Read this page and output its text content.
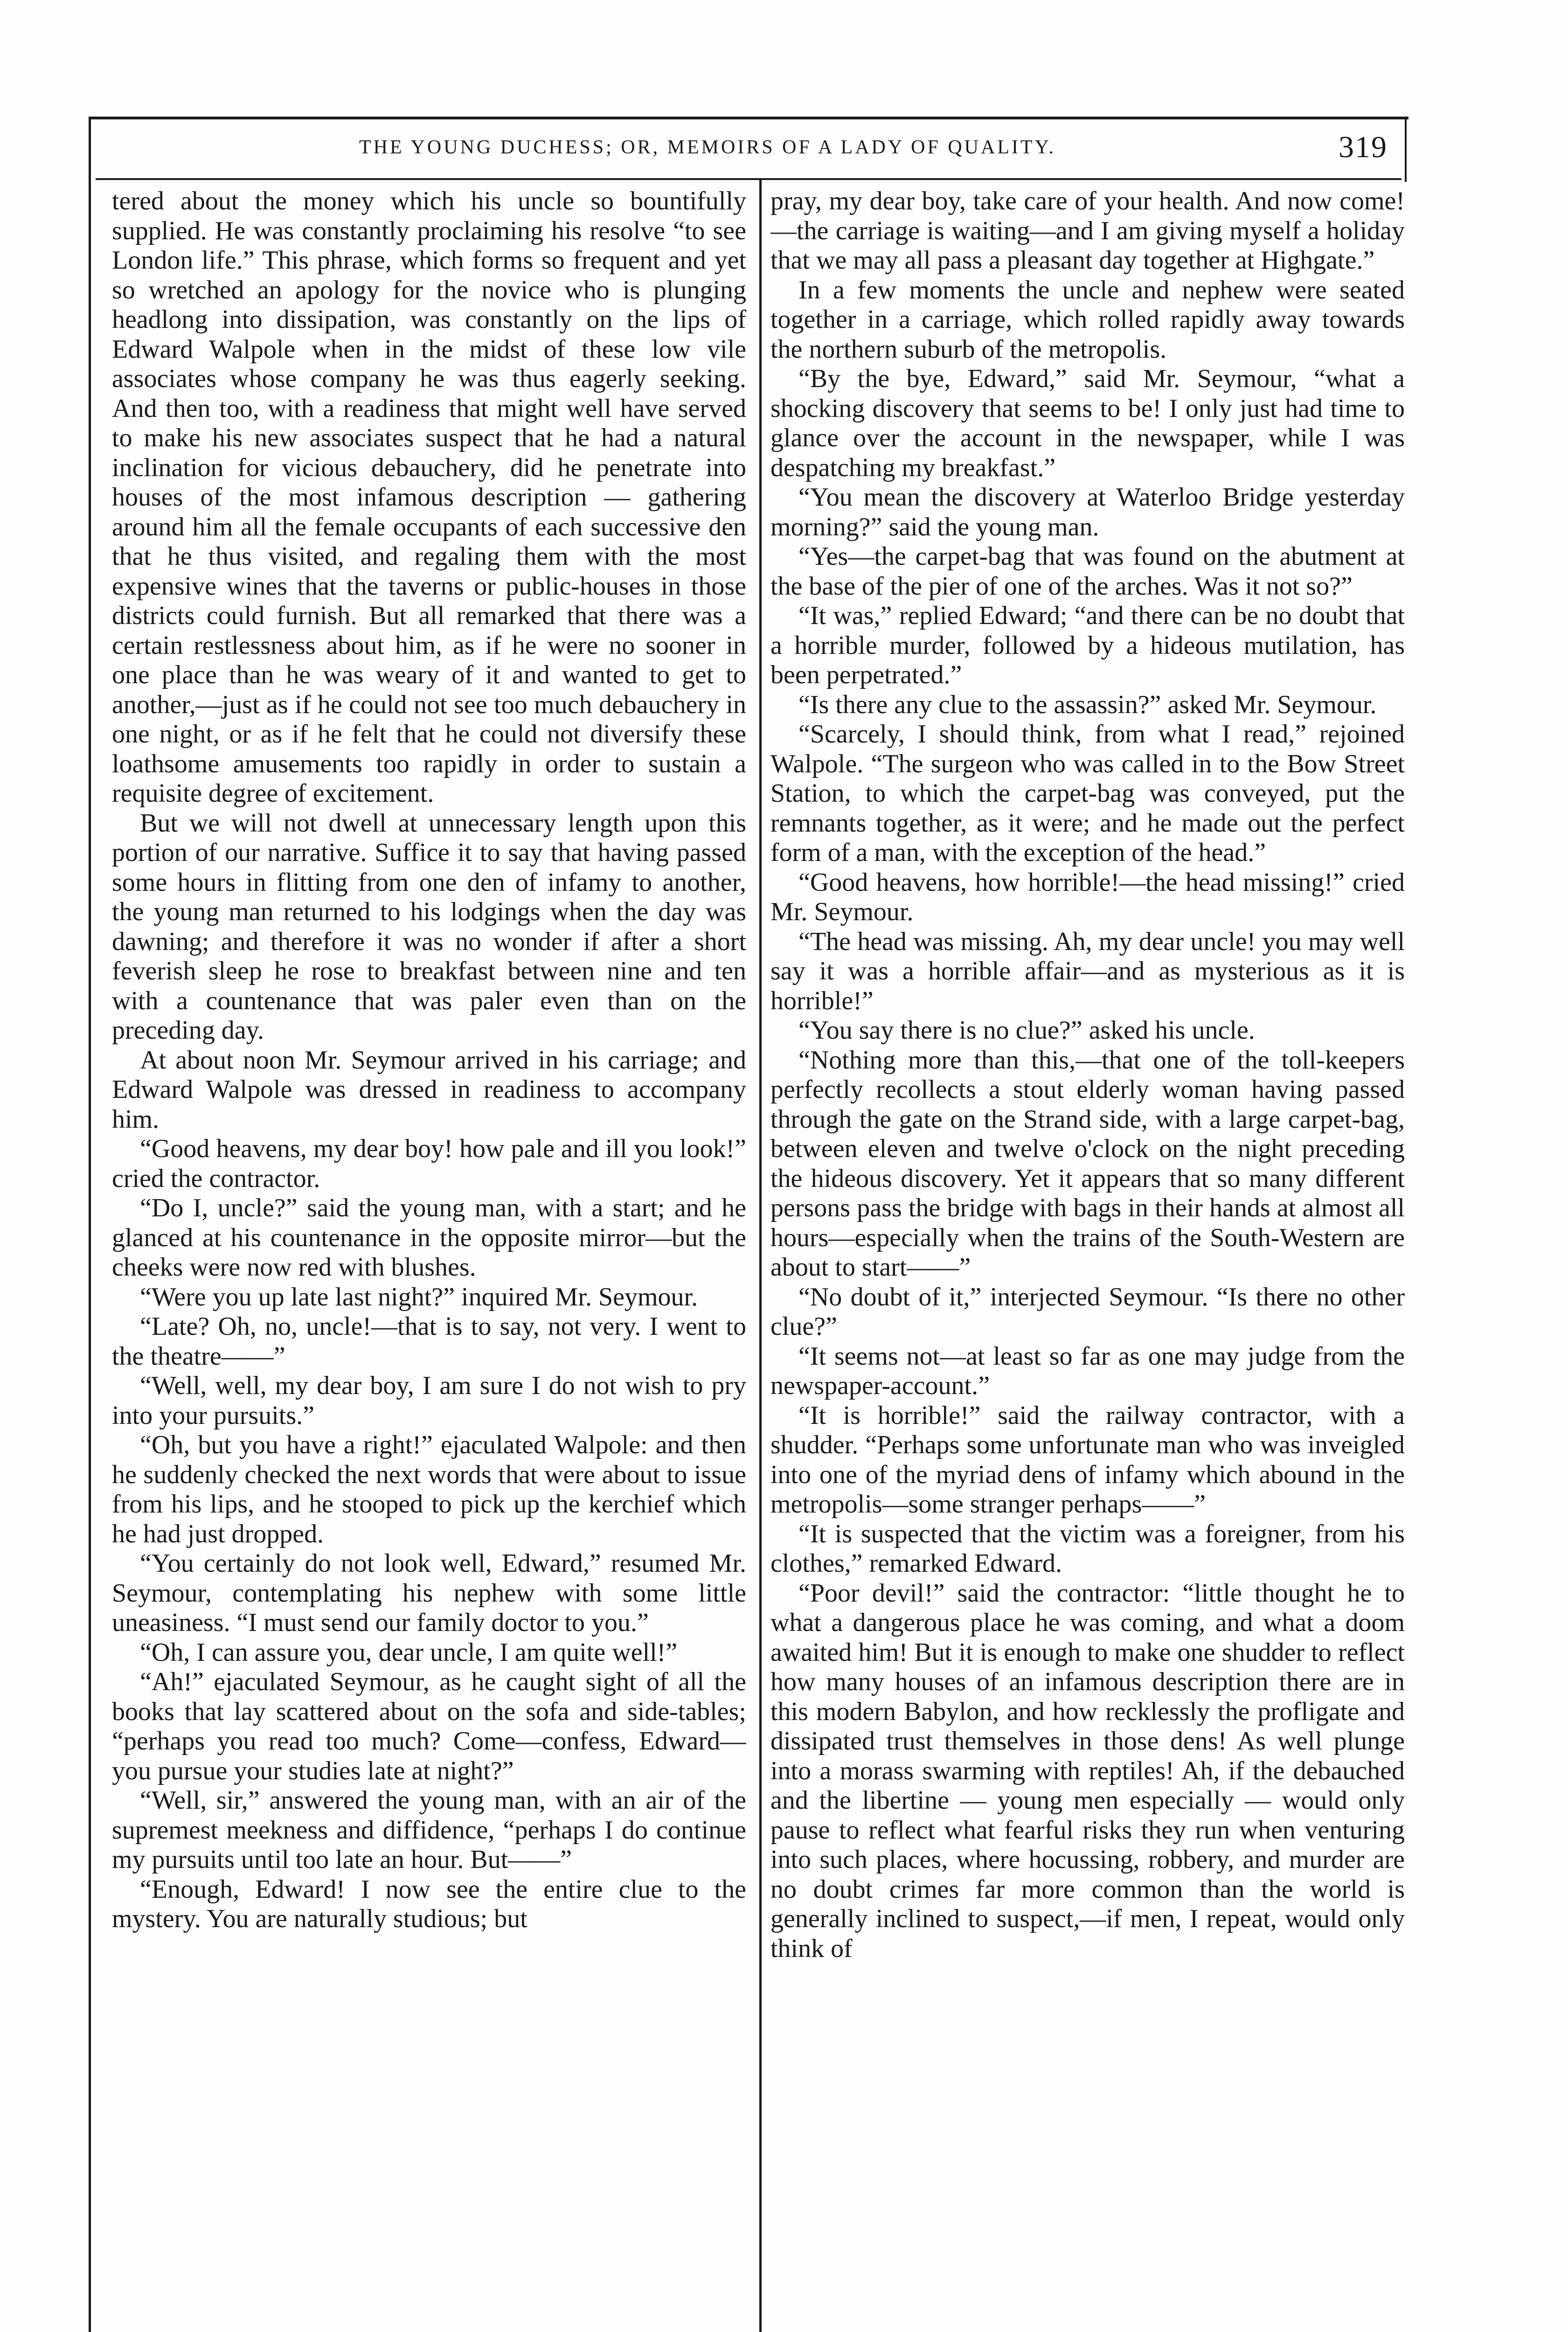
THE YOUNG DUCHESS; OR, MEMOIRS OF A LADY OF QUALITY.	319

tered about the money which his uncle so bountifully supplied. He was constantly proclaiming his resolve “to see London life.” This phrase, which forms so frequent and yet so wretched an apology for the novice who is plunging headlong into dissipation, was constantly on the lips of Edward Walpole when in the midst of these low vile associates whose company he was thus eagerly seeking. And then too, with a readiness that might well have served to make his new associates suspect that he had a natural inclination for vicious debauchery, did he penetrate into houses of the most infamous description — gathering around him all the female occupants of each successive den that he thus visited, and regaling them with the most expensive wines that the taverns or public-houses in those districts could furnish. But all remarked that there was a certain restlessness about him, as if he were no sooner in one place than he was weary of it and wanted to get to another,—just as if he could not see too much debauchery in one night, or as if he felt that he could not diversify these loathsome amusements too rapidly in order to sustain a requisite degree of excitement.

But we will not dwell at unnecessary length upon this portion of our narrative. Suffice it to say that having passed some hours in flitting from one den of infamy to another, the young man returned to his lodgings when the day was dawning; and therefore it was no wonder if after a short feverish sleep he rose to breakfast between nine and ten with a countenance that was paler even than on the preceding day.

At about noon Mr. Seymour arrived in his carriage; and Edward Walpole was dressed in readiness to accompany him.

“Good heavens, my dear boy! how pale and ill you look!” cried the contractor.

“Do I, uncle?” said the young man, with a start; and he glanced at his countenance in the opposite mirror—but the cheeks were now red with blushes.

“Were you up late last night?” inquired Mr. Seymour.

“Late? Oh, no, uncle!—that is to say, not very. I went to the theatre——”

“Well, well, my dear boy, I am sure I do not wish to pry into your pursuits.”

“Oh, but you have a right!” ejaculated Walpole: and then he suddenly checked the next words that were about to issue from his lips, and he stooped to pick up the kerchief which he had just dropped.

“You certainly do not look well, Edward,” resumed Mr. Seymour, contemplating his nephew with some little uneasiness. “I must send our family doctor to you.”

“Oh, I can assure you, dear uncle, I am quite well!”

“Ah!” ejaculated Seymour, as he caught sight of all the books that lay scattered about on the sofa and side-tables; “perhaps you read too much? Come—confess, Edward—you pursue your studies late at night?”

“Well, sir,” answered the young man, with an air of the supremest meekness and diffidence, “perhaps I do continue my pursuits until too late an hour. But——”

“Enough, Edward! I now see the entire clue to the mystery. You are naturally studious; but

pray, my dear boy, take care of your health. And now come!—the carriage is waiting—and I am giving myself a holiday that we may all pass a pleasant day together at Highgate.”

In a few moments the uncle and nephew were seated together in a carriage, which rolled rapidly away towards the northern suburb of the metropolis.

“By the bye, Edward,” said Mr. Seymour, “what a shocking discovery that seems to be! I only just had time to glance over the account in the newspaper, while I was despatching my breakfast.”

“You mean the discovery at Waterloo Bridge yesterday morning?” said the young man.

“Yes—the carpet-bag that was found on the abutment at the base of the pier of one of the arches. Was it not so?”

“It was,” replied Edward; “and there can be no doubt that a horrible murder, followed by a hideous mutilation, has been perpetrated.”

“Is there any clue to the assassin?” asked Mr. Seymour.

“Scarcely, I should think, from what I read,” rejoined Walpole. “The surgeon who was called in to the Bow Street Station, to which the carpet-bag was conveyed, put the remnants together, as it were; and he made out the perfect form of a man, with the exception of the head.”

“Good heavens, how horrible!—the head missing!” cried Mr. Seymour.

“The head was missing. Ah, my dear uncle! you may well say it was a horrible affair—and as mysterious as it is horrible!”

“You say there is no clue?” asked his uncle.

“Nothing more than this,—that one of the toll-keepers perfectly recollects a stout elderly woman having passed through the gate on the Strand side, with a large carpet-bag, between eleven and twelve o'clock on the night preceding the hideous discovery. Yet it appears that so many different persons pass the bridge with bags in their hands at almost all hours—especially when the trains of the South-Western are about to start——”

“No doubt of it,” interjected Seymour. “Is there no other clue?”

“It seems not—at least so far as one may judge from the newspaper-account.”

“It is horrible!” said the railway contractor, with a shudder. “Perhaps some unfortunate man who was inveigled into one of the myriad dens of infamy which abound in the metropolis—some stranger perhaps——”

“It is suspected that the victim was a foreigner, from his clothes,” remarked Edward.

“Poor devil!” said the contractor: “little thought he to what a dangerous place he was coming, and what a doom awaited him! But it is enough to make one shudder to reflect how many houses of an infamous description there are in this modern Babylon, and how recklessly the profligate and dissipated trust themselves in those dens! As well plunge into a morass swarming with reptiles! Ah, if the debauched and the libertine — young men especially — would only pause to reflect what fearful risks they run when venturing into such places, where hocussing, robbery, and murder are no doubt crimes far more common than the world is generally inclined to suspect,—if men, I repeat, would only think of
